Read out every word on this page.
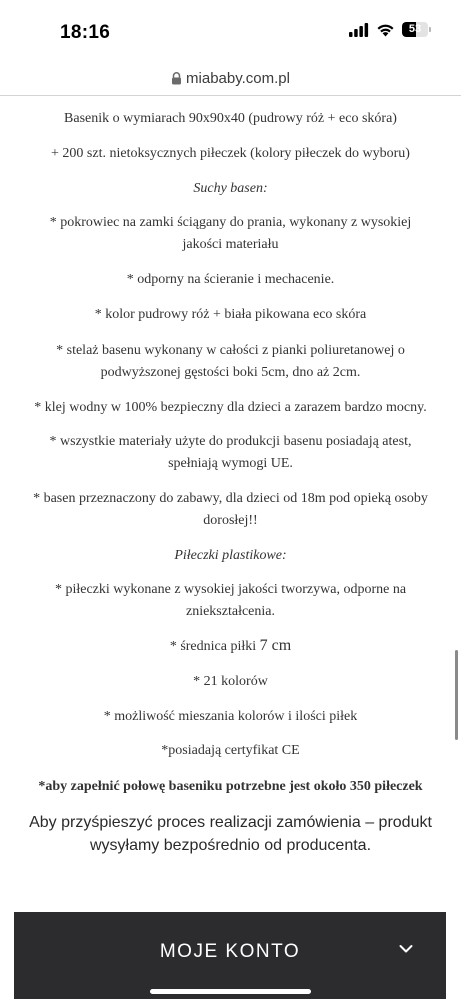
18:16	53
miababy.com.pl
Basenik o wymiarach 90x90x40 (pudrowy róż + eco skóra)
+ 200 szt. nietoksycznych piłeczek (kolory piłeczek do wyboru)
Suchy basen:
* pokrowiec na zamki ściągany do prania, wykonany z wysokiej
jakości materiału
* odporny na ścieranie i mechacenie.
* kolor pudrowy róż + biała pikowana eco skóra
* stelaż basenu wykonany w całości z pianki poliuretanowej o
podwyższonej gęstości boki 5cm, dno aż 2cm.
* klej wodny w 100% bezpieczny dla dzieci a zarazem bardzo mocny.
* wszystkie materiały użyte do produkcji basenu posiadają atest,
spełniają wymogi UE.
* basen przeznaczony do zabawy, dla dzieci od 18m pod opieką osoby
dorosłej!!
Piłeczki plastikowe:
* piłeczki wykonane z wysokiej jakości tworzywa, odporne na
zniekształcenia.
* średnica piłki 7 cm
* 21 kolorów
* możliwość mieszania kolorów i ilości piłek
*posiadają certyfikat CE
*aby zapełnić połowę baseniku potrzebne jest około 350 piłeczek
Aby przyśpieszyć proces realizacji zamówienia – produkt
wysyłamy bezpośrednio od producenta.
MOJE KONTO
